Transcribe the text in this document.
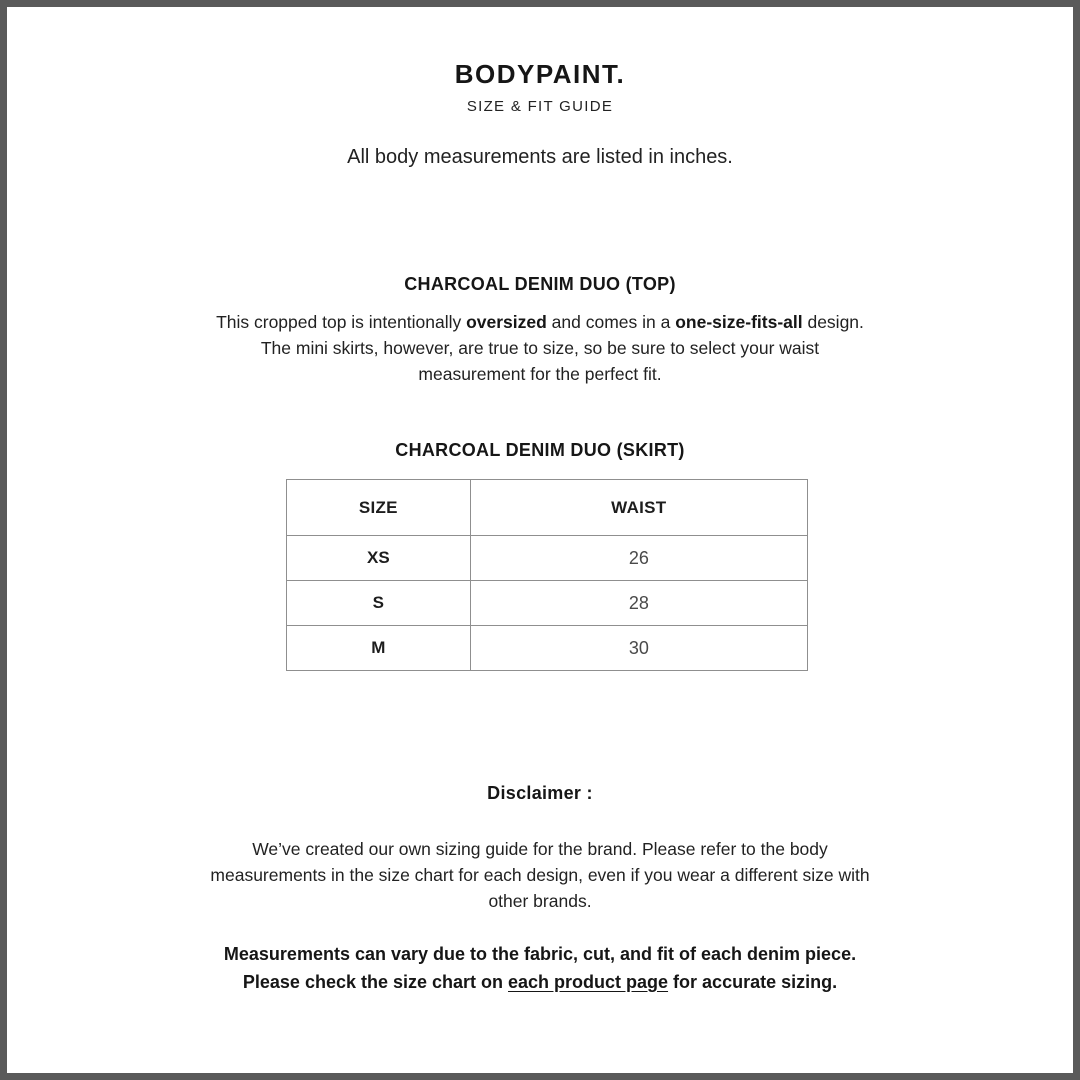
BODYPAINT.
SIZE & FIT GUIDE
All body measurements are listed in inches.
CHARCOAL DENIM DUO (TOP)
This cropped top is intentionally oversized and comes in a one-size-fits-all design.
The mini skirts, however, are true to size, so be sure to select your waist
measurement for the perfect fit.
CHARCOAL DENIM DUO (SKIRT)
SIZE	WAIST
XS	26
S	28
M	30
Disclaimer :
We’ve created our own sizing guide for the brand. Please refer to the body
measurements in the size chart for each design, even if you wear a different size with
other brands.
Measurements can vary due to the fabric, cut, and fit of each denim piece.
Please check the size chart on each product page for accurate sizing.
